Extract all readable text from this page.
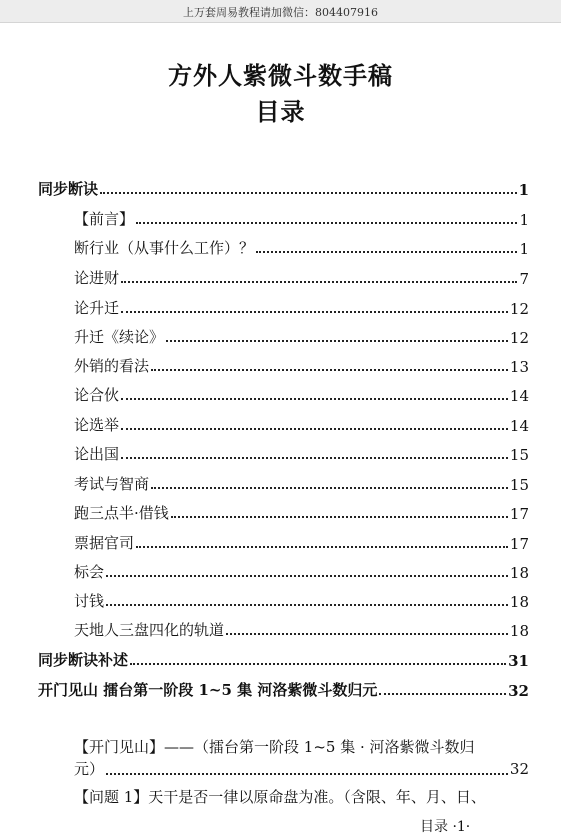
上万套周易教程请加微信：804407916
方外人紫微斗数手稿
目录
同步断诀	1
【前言】	1
断行业（从事什么工作）？	1
论进财	7
论升迁	12
升迁《续论》	12
外销的看法	13
论合伙	14
论选举	14
论出国	15
考试与智商	15
跑三点半·借钱	17
票据官司	17
标会	18
讨钱	18
天地人三盘四化的轨道	18
同步断诀补述	31
开门见山 擂台第一阶段 1~5 集 河洛紫微斗数归元	32
【开门见山】——（擂台第一阶段 1~5 集 · 河洛紫微斗数归
元）	32
【问题 1】天干是否一律以原命盘为准。（含限、年、月、日、
目录 ·1·
